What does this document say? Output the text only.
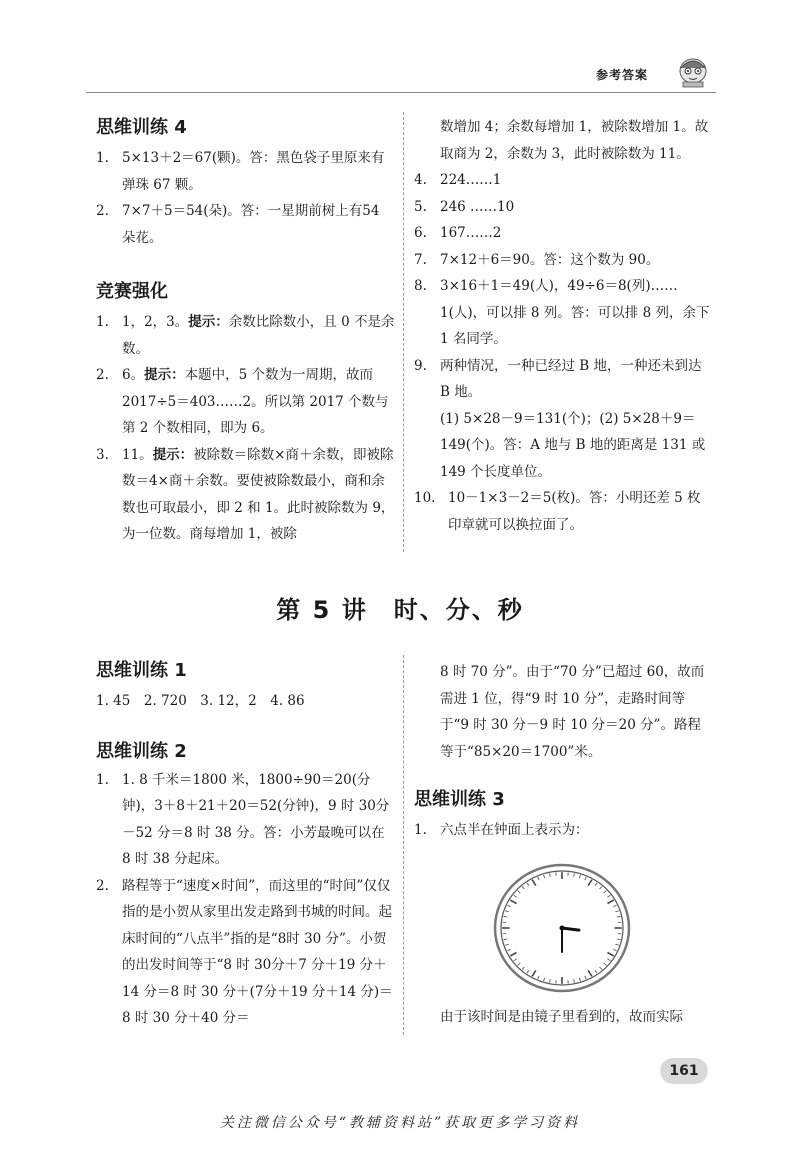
参考答案
思维训练 4

1. 5×13＋2＝67(颗)。答：黑色袋子里原来有弹珠 67 颗。

2. 7×7＋5＝54(朵)。答：一星期前树上有54 朵花。

竞赛强化

1. 1，2，3。提示：余数比除数小，且 0 不是余数。

2. 6。提示：本题中，5 个数为一周期，故而2017÷5＝403……2。所以第 2017 个数与第 2 个数相同，即为 6。

3. 11。提示：被除数＝除数×商＋余数，即被除数＝4×商＋余数。要使被除数最小，商和余数也可取最小，即 2 和 1。此时被除数为 9，为一位数。商每增加 1，被除

数增加 4；余数每增加 1，被除数增加 1。故取商为 2，余数为 3，此时被除数为 11。

4. 224……1

5. 246 ……10

6. 167……2

7. 7×12＋6＝90。答：这个数为 90。

8. 3×16＋1＝49(人)，49÷6＝8(列)……1(人)，可以排 8 列。答：可以排 8 列，余下 1 名同学。

9. 两种情况，一种已经过 B 地，一种还未到达 B 地。

(1) 5×28－9＝131(个)；(2) 5×28＋9＝149(个)。答：A 地与 B 地的距离是 131 或 149 个长度单位。

10. 10－1×3－2＝5(枚)。答：小明还差 5 枚印章就可以换拉面了。

第 5 讲　时、分、秒
思维训练 1

1. 45　2. 720　3. 12，2　4. 86

思维训练 2

1. 1. 8 千米＝1800 米，1800÷90＝20(分钟)，3＋8＋21＋20＝52(分钟)，9 时 30分－52 分＝8 时 38 分。答：小芳最晚可以在 8 时 38 分起床。

2. 路程等于“速度×时间”，而这里的“时间”仅仅指的是小贺从家里出发走路到书城的时间。起床时间的“八点半”指的是“8时 30 分”。小贺的出发时间等于“8 时 30分＋7 分＋19 分＋14 分＝8 时 30 分＋(7分＋19 分＋14 分)＝8 时 30 分＋40 分＝

8 时 70 分”。由于“70 分”已超过 60，故而需进 1 位，得“9 时 10 分”，走路时间等于“9 时 30 分－9 时 10 分＝20 分”。路程等于“85×20＝1700”米。

思维训练 3

1. 六点半在钟面上表示为：

由于该时间是由镜子里看到的，故而实际

161
关注微信公众号“教辅资料站”获取更多学习资料
